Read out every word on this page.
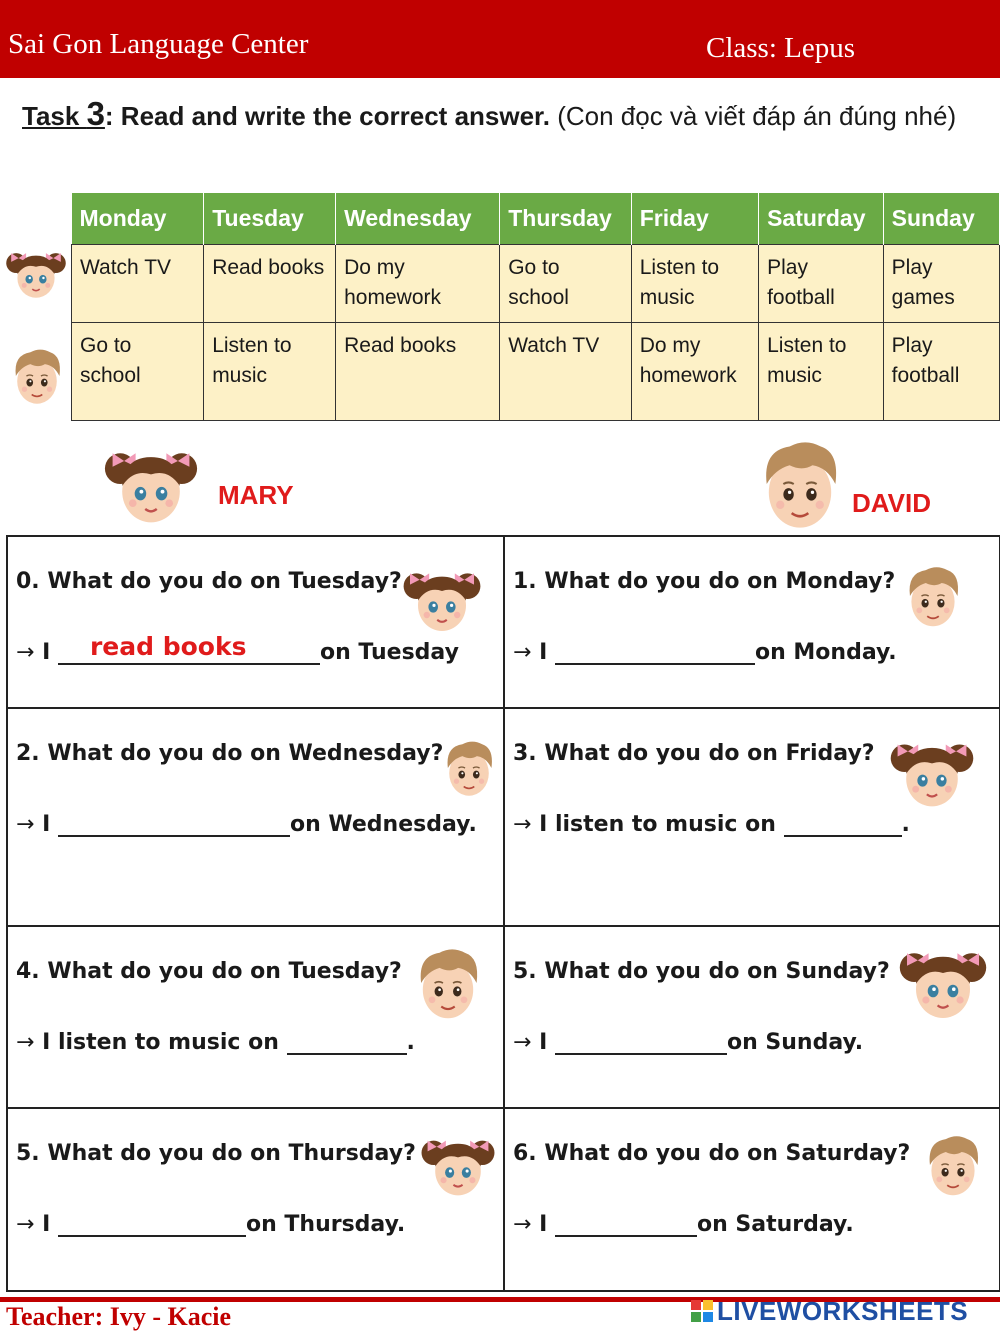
Sai Gon Language Center	Class: Lepus
Task 3: Read and write the correct answer. (Con đọc và viết đáp án đúng nhé)
Monday	Tuesday	Wednesday	Thursday	Friday	Saturday	Sunday
Watch TV	Read books	Do my homework	Go to school	Listen to music	Play football	Play games
Go to school	Listen to music	Read books	Watch TV	Do my homework	Listen to music	Play football
MARY	DAVID
0. What do you do on Tuesday?
→ I read books	on Tuesday
1. What do you do on Monday?
→ I	on Monday.
2. What do you do on Wednesday?
→ I	on Wednesday.
3. What do you do on Friday?
→ I listen to music on	.
4. What do you do on Tuesday?
→ I listen to music on	.
5. What do you do on Sunday?
→ I	on Sunday.
5. What do you do on Thursday?
→ I	on Thursday.
6. What do you do on Saturday?
→ I	on Saturday.
Teacher: Ivy - Kacie	LIVEWORKSHEETS
